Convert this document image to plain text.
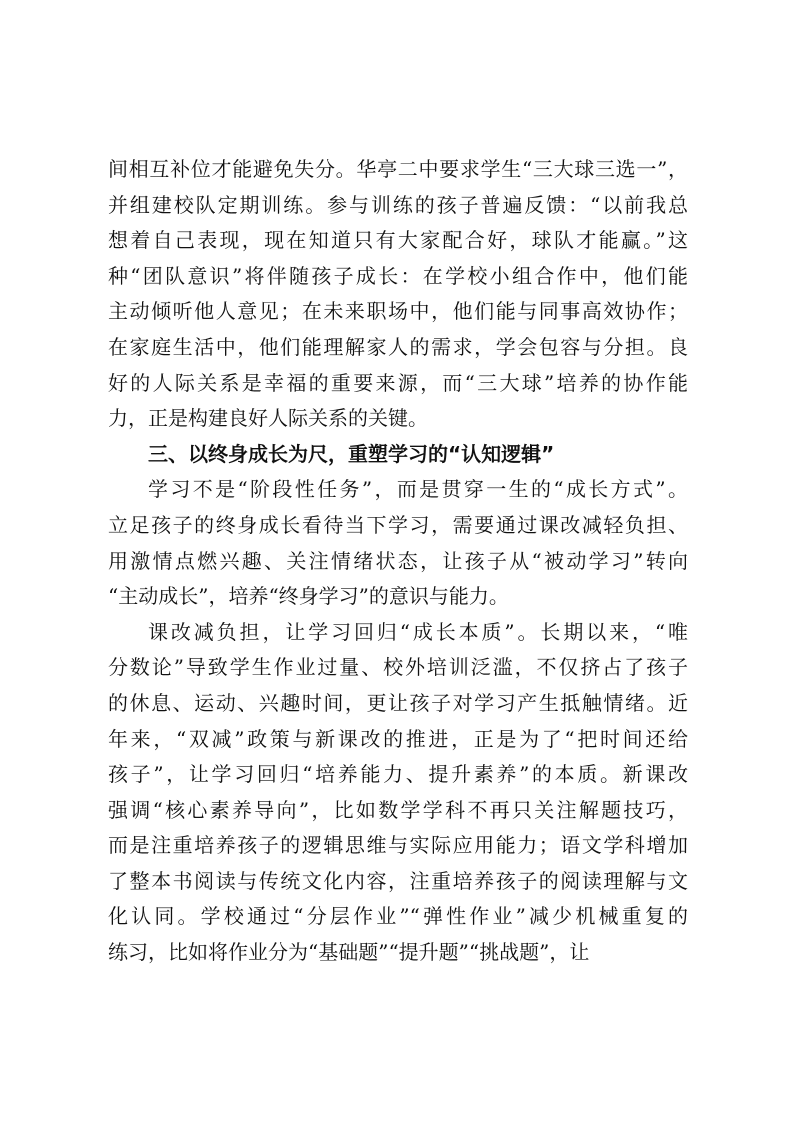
间相互补位才能避免失分。华亭二中要求学生“三大球三选一”，
并组建校队定期训练。参与训练的孩子普遍反馈：“以前我总
想着自己表现，现在知道只有大家配合好，球队才能赢。”这
种“团队意识”将伴随孩子成长：在学校小组合作中，他们能
主动倾听他人意见；在未来职场中，他们能与同事高效协作；
在家庭生活中，他们能理解家人的需求，学会包容与分担。良
好的人际关系是幸福的重要来源，而“三大球”培养的协作能
力，正是构建良好人际关系的关键。
三、以终身成长为尺，重塑学习的“认知逻辑”
学习不是“阶段性任务”，而是贯穿一生的“成长方式”。
立足孩子的终身成长看待当下学习，需要通过课改减轻负担、
用激情点燃兴趣、关注情绪状态，让孩子从“被动学习”转向
“主动成长”，培养“终身学习”的意识与能力。
课改减负担，让学习回归“成长本质”。长期以来，“唯
分数论”导致学生作业过量、校外培训泛滥，不仅挤占了孩子
的休息、运动、兴趣时间，更让孩子对学习产生抵触情绪。近
年来，“双减”政策与新课改的推进，正是为了“把时间还给
孩子”，让学习回归“培养能力、提升素养”的本质。新课改
强调“核心素养导向”，比如数学学科不再只关注解题技巧，
而是注重培养孩子的逻辑思维与实际应用能力；语文学科增加
了整本书阅读与传统文化内容，注重培养孩子的阅读理解与文
化认同。学校通过“分层作业”“弹性作业”减少机械重复的
练习，比如将作业分为“基础题”“提升题”“挑战题”，让
